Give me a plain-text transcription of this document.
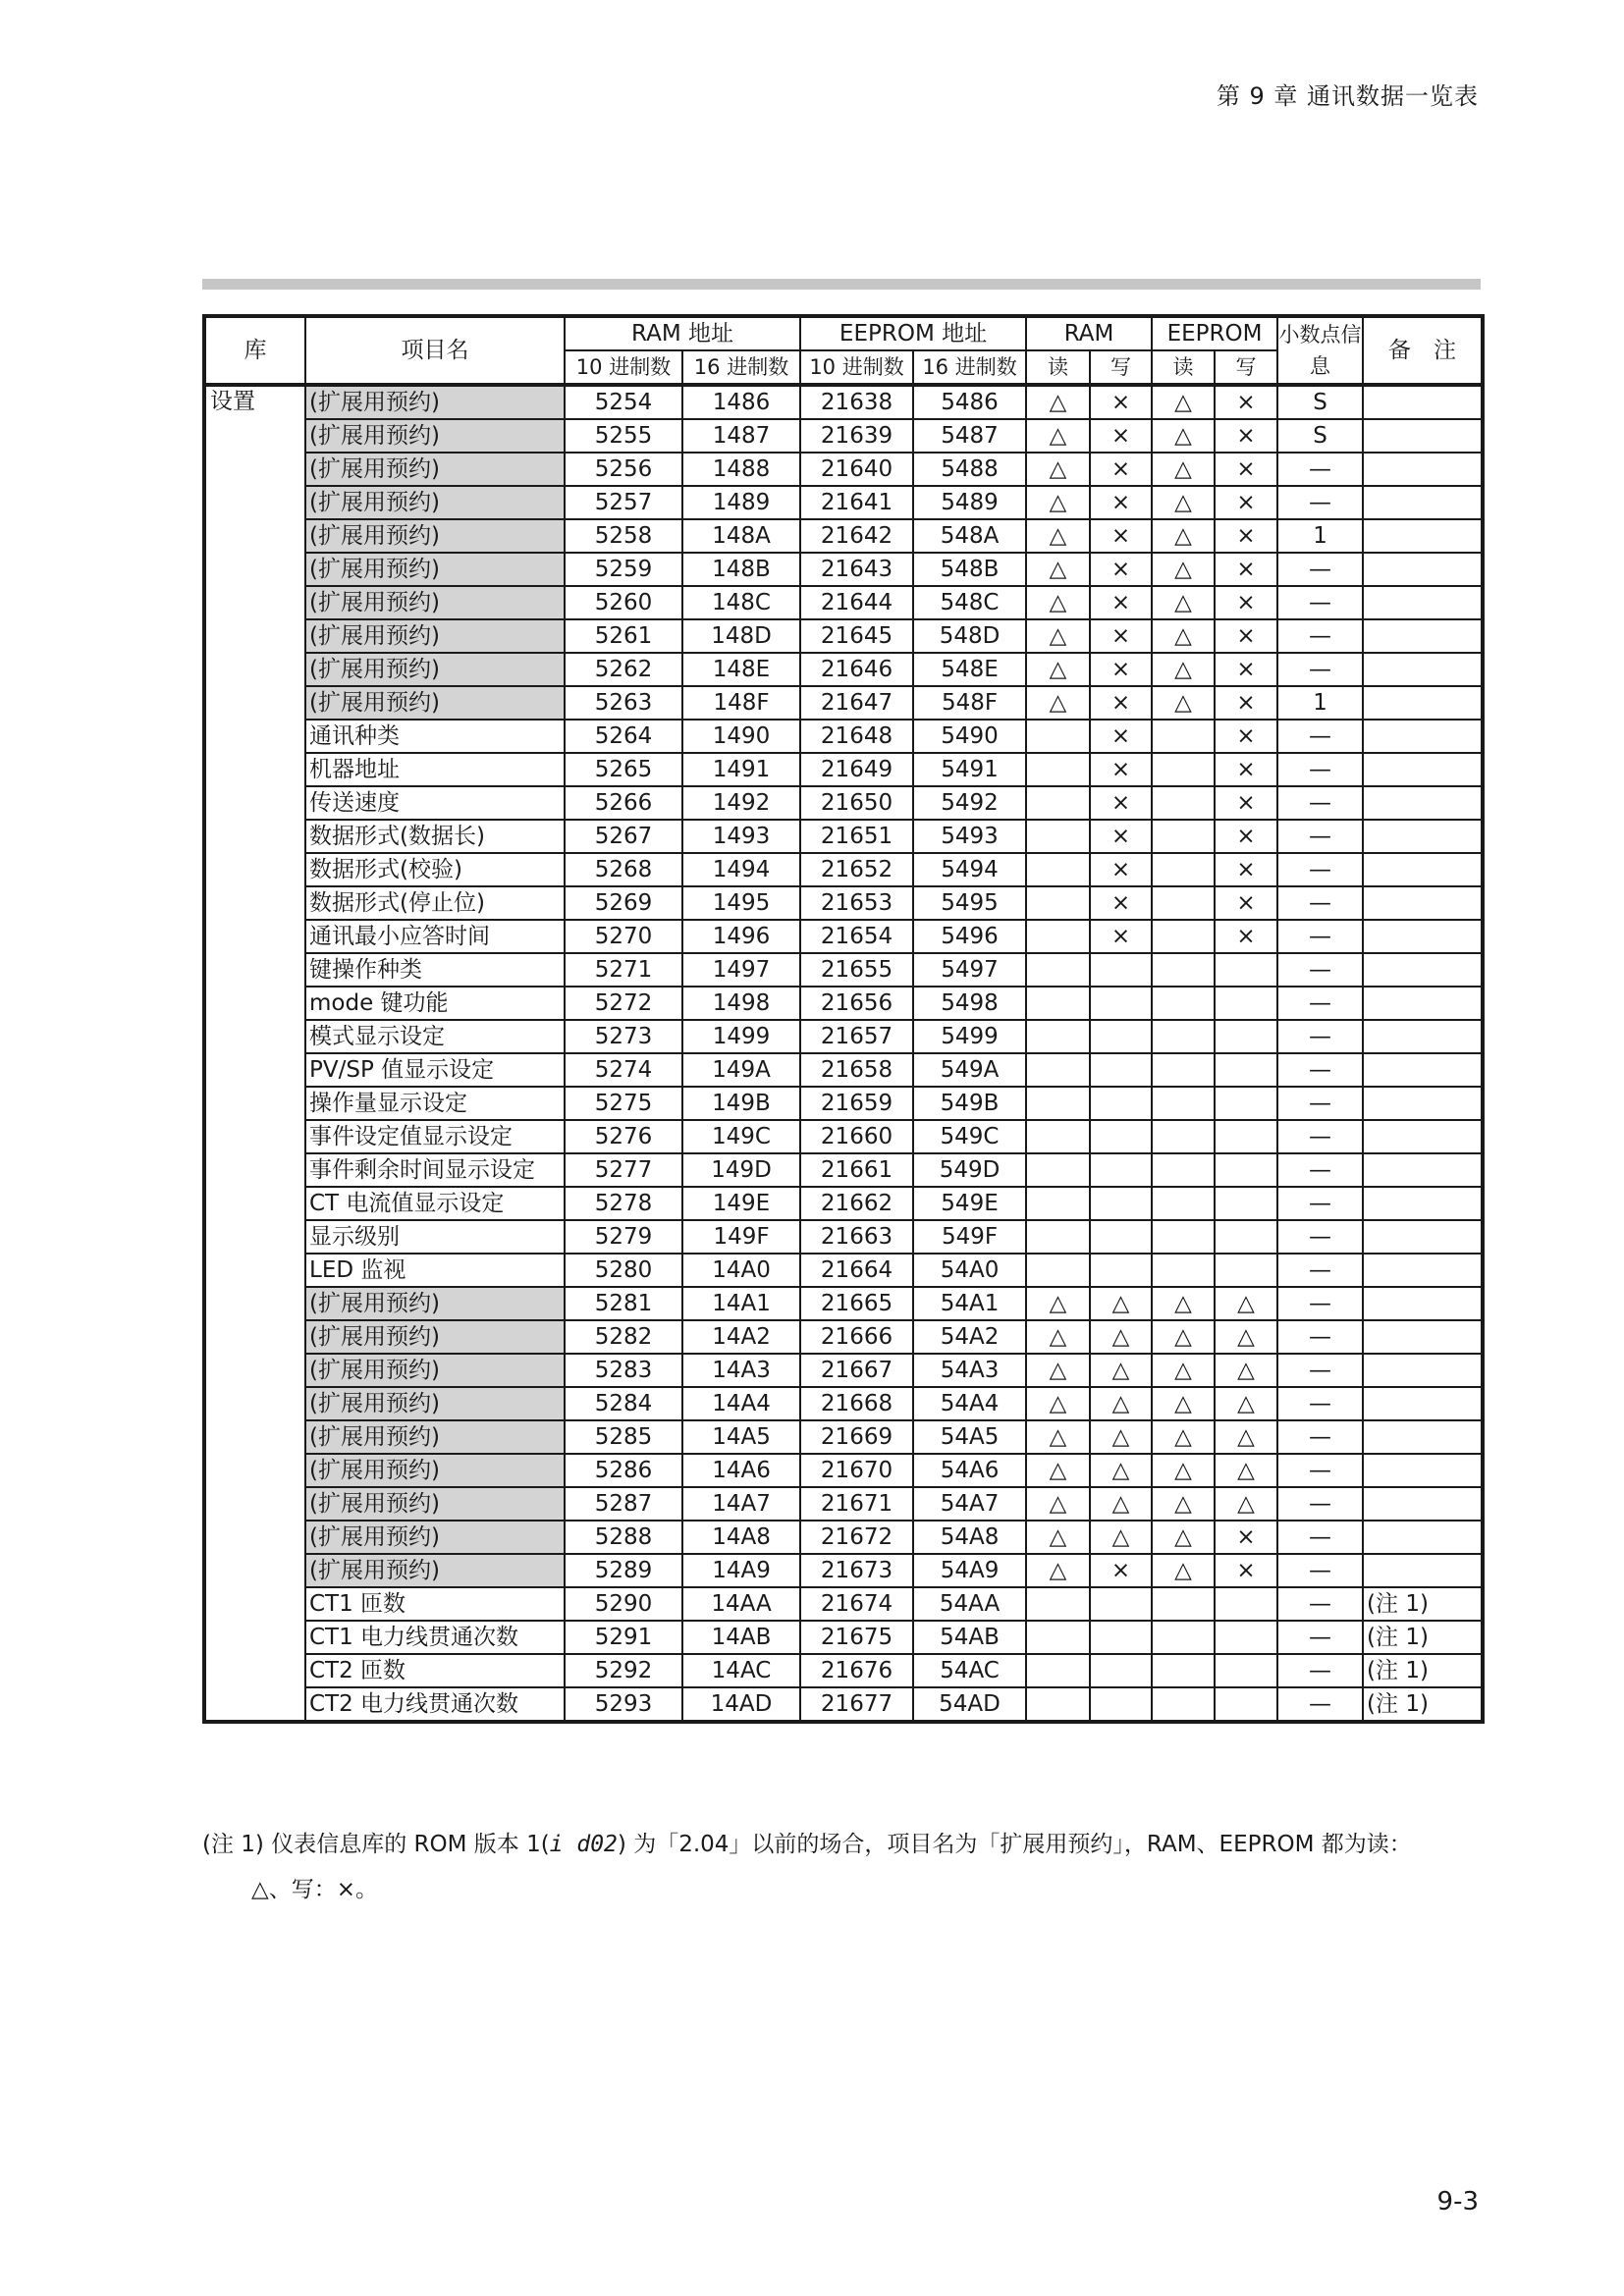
第 9 章 通讯数据一览表
库	项目名	RAM 地址		EEPROM 地址		RAM		EEPROM		小数点信息	备　注
		10 进制数	16 进制数	10 进制数	16 进制数	读	写	读	写		
设置	(扩展用预约)	5254	1486	21638	5486	△	×	△	×	S	
	(扩展用预约)	5255	1487	21639	5487	△	×	△	×	S	
	(扩展用预约)	5256	1488	21640	5488	△	×	△	×	—	
	(扩展用预约)	5257	1489	21641	5489	△	×	△	×	—	
	(扩展用预约)	5258	148A	21642	548A	△	×	△	×	1	
	(扩展用预约)	5259	148B	21643	548B	△	×	△	×	—	
	(扩展用预约)	5260	148C	21644	548C	△	×	△	×	—	
	(扩展用预约)	5261	148D	21645	548D	△	×	△	×	—	
	(扩展用预约)	5262	148E	21646	548E	△	×	△	×	—	
	(扩展用预约)	5263	148F	21647	548F	△	×	△	×	1	
	通讯种类	5264	1490	21648	5490		×		×	—	
	机器地址	5265	1491	21649	5491		×		×	—	
	传送速度	5266	1492	21650	5492		×		×	—	
	数据形式(数据长)	5267	1493	21651	5493		×		×	—	
	数据形式(校验)	5268	1494	21652	5494		×		×	—	
	数据形式(停止位)	5269	1495	21653	5495		×		×	—	
	通讯最小应答时间	5270	1496	21654	5496		×		×	—	
	键操作种类	5271	1497	21655	5497					—	
	mode 键功能	5272	1498	21656	5498					—	
	模式显示设定	5273	1499	21657	5499					—	
	PV/SP 值显示设定	5274	149A	21658	549A					—	
	操作量显示设定	5275	149B	21659	549B					—	
	事件设定值显示设定	5276	149C	21660	549C					—	
	事件剩余时间显示设定	5277	149D	21661	549D					—	
	CT 电流值显示设定	5278	149E	21662	549E					—	
	显示级别	5279	149F	21663	549F					—	
	LED 监视	5280	14A0	21664	54A0					—	
	(扩展用预约)	5281	14A1	21665	54A1	△	△	△	△	—	
	(扩展用预约)	5282	14A2	21666	54A2	△	△	△	△	—	
	(扩展用预约)	5283	14A3	21667	54A3	△	△	△	△	—	
	(扩展用预约)	5284	14A4	21668	54A4	△	△	△	△	—	
	(扩展用预约)	5285	14A5	21669	54A5	△	△	△	△	—	
	(扩展用预约)	5286	14A6	21670	54A6	△	△	△	△	—	
	(扩展用预约)	5287	14A7	21671	54A7	△	△	△	△	—	
	(扩展用预约)	5288	14A8	21672	54A8	△	△	△	×	—	
	(扩展用预约)	5289	14A9	21673	54A9	△	×	△	×	—	
	CT1 匝数	5290	14AA	21674	54AA					—	(注 1)
	CT1 电力线贯通次数	5291	14AB	21675	54AB					—	(注 1)
	CT2 匝数	5292	14AC	21676	54AC					—	(注 1)
	CT2 电力线贯通次数	5293	14AD	21677	54AD					—	(注 1)
(注 1) 仪表信息库的 ROM 版本 1(i d02) 为「2.04」以前的场合，项目名为「扩展用预约」，RAM、EEPROM 都为读：
△、写：×。
9-3
